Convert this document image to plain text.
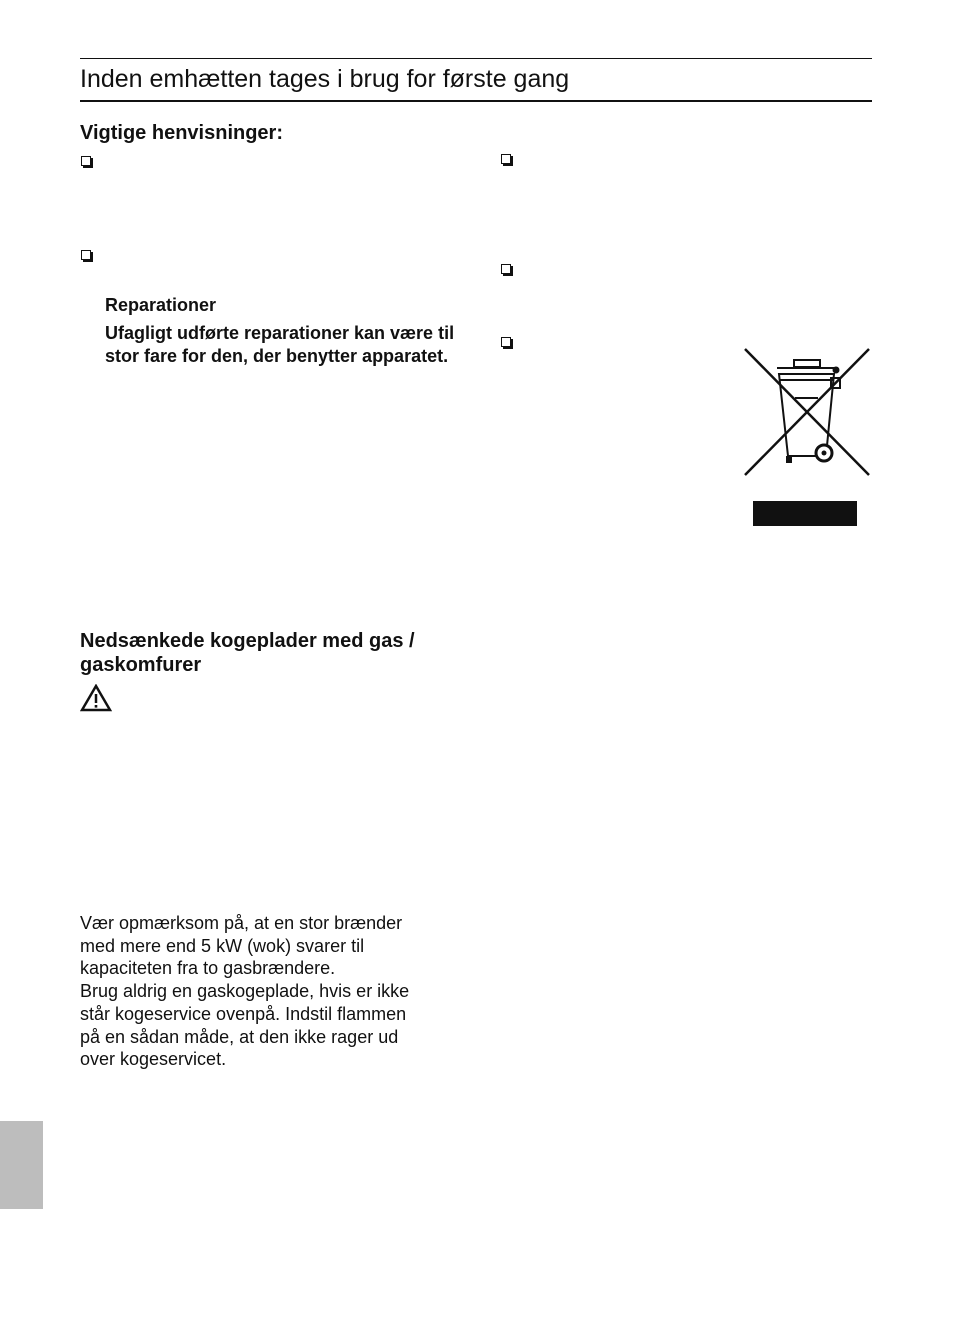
Inden emhætten tages i brug for første gang
Vigtige henvisninger:

Reparationer

Ufagligt udførte reparationer kan være til stor fare for den, der benytter apparatet.

Nedsænkede kogeplader med gas /
gaskomfurer

Vær opmærksom på, at en stor brænder
med mere end 5 kW (wok) svarer til
kapaciteten fra to gasbrændere.
Brug aldrig en gaskogeplade, hvis er ikke
står kogeservice ovenpå. Indstil flammen
på en sådan måde, at den ikke rager ud
over kogeservicet.
